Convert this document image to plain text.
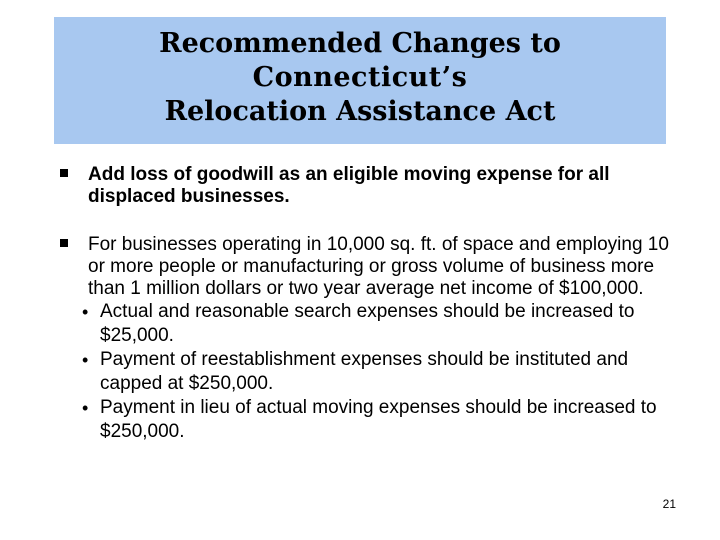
Recommended Changes to
Connecticut’s
Relocation Assistance Act
Add loss of goodwill as an eligible moving expense for all displaced businesses.
For businesses operating in 10,000 sq. ft. of space and employing 10 or more people or manufacturing or gross volume of business more than 1 million dollars or two year average net income of $100,000.
• Actual and reasonable search expenses should be increased to $25,000.
• Payment of reestablishment expenses should be instituted and capped at $250,000.
• Payment in lieu of actual moving expenses should be increased to $250,000.
21
